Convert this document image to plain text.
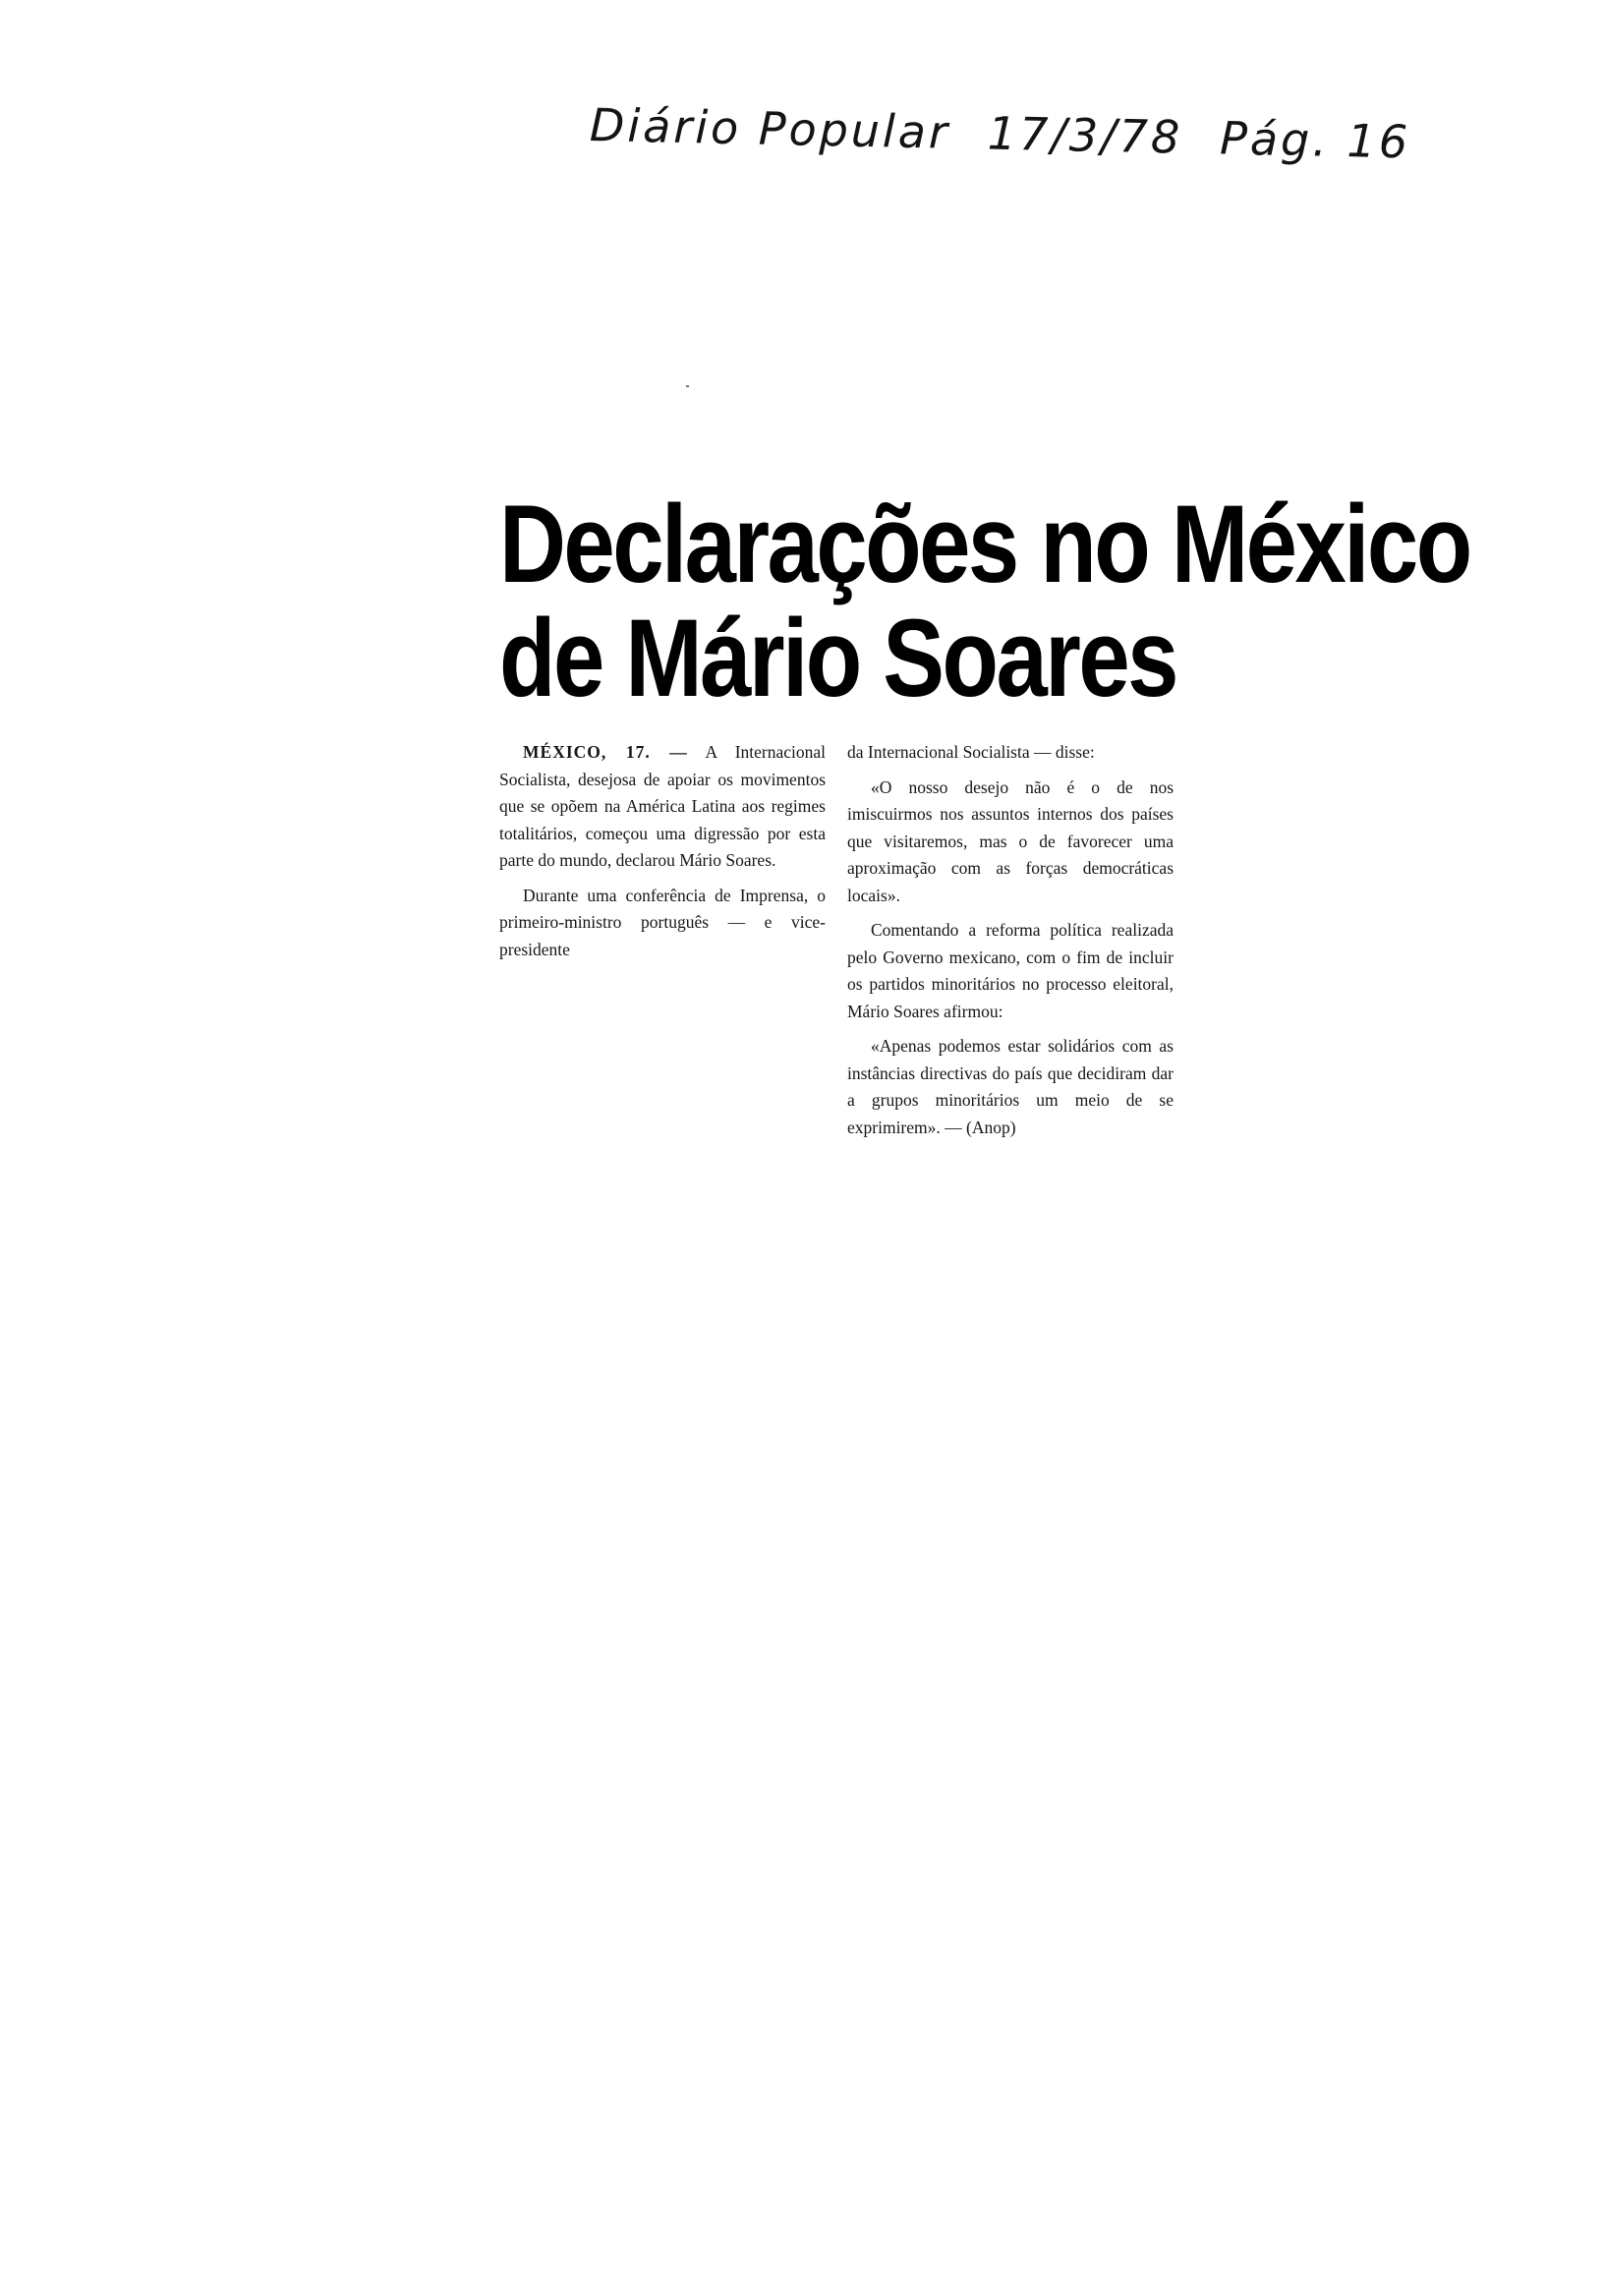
Diário Popular 17/3/78 Pág. 16
Declarações no México
de Mário Soares

MÉXICO, 17. — A Internacional Socialista, desejosa de apoiar os movimentos que se opõem na América Latina aos regimes totalitários, começou uma digressão por esta parte do mundo, declarou Mário Soares.

Durante uma conferência de Imprensa, o primeiro-ministro português — e vice-presidente

da Internacional Socialista — disse:

«O nosso desejo não é o de nos imiscuirmos nos assuntos internos dos países que visitaremos, mas o de favorecer uma aproximação com as forças democráticas locais».

Comentando a reforma política realizada pelo Governo mexicano, com o fim de incluir os partidos minoritários no processo eleitoral, Mário Soares afirmou:

«Apenas podemos estar solidários com as instâncias directivas do país que decidiram dar a grupos minoritários um meio de se exprimirem». — (Anop)
